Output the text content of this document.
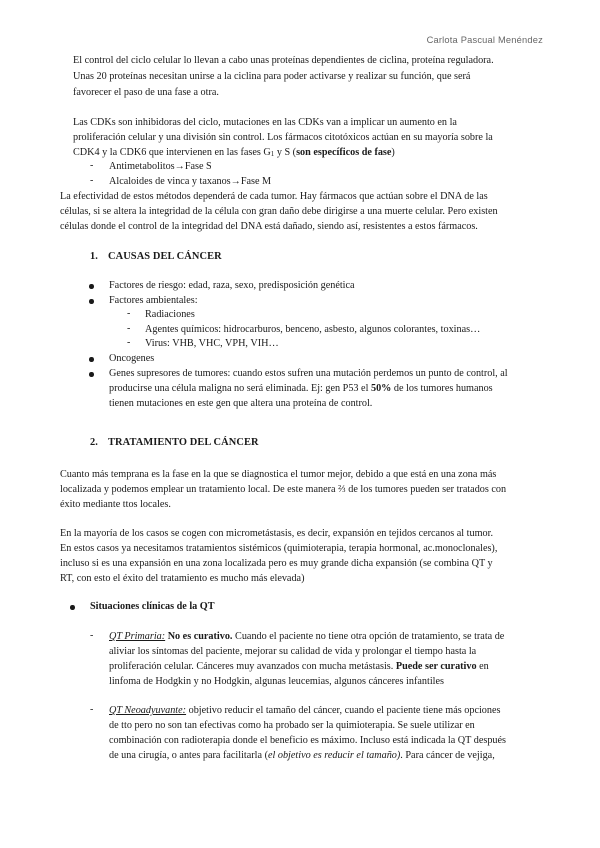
Carlota Pascual Menéndez
El control del ciclo celular lo llevan a cabo unas proteínas dependientes de ciclina, proteína reguladora.
Unas 20 proteínas necesitan unirse a la ciclina para poder activarse y realizar su función, que será
favorecer el paso de una fase a otra.
Las CDKs son inhibidoras del ciclo, mutaciones en las CDKs van a implicar un aumento en la
proliferación celular y una división sin control. Los fármacos citotóxicos actúan en su mayoría sobre la
CDK4 y la CDK6 que intervienen en las fases G1 y S (son específicos de fase)
- Antimetabolitos→Fase S
- Alcaloides de vinca y taxanos→Fase M
La efectividad de estos métodos dependerá de cada tumor. Hay fármacos que actúan sobre el DNA de las
células, si se altera la integridad de la célula con gran daño debe dirigirse a una muerte celular. Pero existen
células donde el control de la integridad del DNA está dañado, siendo así, resistentes a estos fármacos.
1. CAUSAS DEL CÁNCER
Factores de riesgo: edad, raza, sexo, predisposición genética
Factores ambientales:
- Radiaciones
- Agentes químicos: hidrocarburos, benceno, asbesto, algunos colorantes, toxinas…
- Virus: VHB, VHC, VPH, VIH…
Oncogenes
Genes supresores de tumores: cuando estos sufren una mutación perdemos un punto de control, al
producirse una célula maligna no será eliminada. Ej: gen P53 el 50% de los tumores humanos
tienen mutaciones en este gen que altera una proteína de control.
2. TRATAMIENTO DEL CÁNCER
Cuanto más temprana es la fase en la que se diagnostica el tumor mejor, debido a que está en una zona más
localizada y podemos emplear un tratamiento local. De este manera ⅔ de los tumores pueden ser tratados con
éxito mediante ttos locales.
En la mayoría de los casos se cogen con micrometástasis, es decir, expansión en tejidos cercanos al tumor.
En estos casos ya necesitamos tratamientos sistémicos (quimioterapia, terapia hormonal, ac.monoclonales),
incluso si es una expansión en una zona localizada pero es muy grande dicha expansión (se combina QT y
RT, con esto el éxito del tratamiento es mucho más elevada)
Situaciones clínicas de la QT
- QT Primaria: No es curativo. Cuando el paciente no tiene otra opción de tratamiento, se trata de
aliviar los síntomas del paciente, mejorar su calidad de vida y prolongar el tiempo hasta la
proliferación celular. Cánceres muy avanzados con mucha metástasis. Puede ser curativo en
linfoma de Hodgkin y no Hodgkin, algunas leucemias, algunos cánceres infantiles
- QT Neoadyuvante: objetivo reducir el tamaño del cáncer, cuando el paciente tiene más opciones
de tto pero no son tan efectivas como ha probado ser la quimioterapia. Se suele utilizar en
combinación con radioterapia donde el beneficio es máximo. Incluso está indicada la QT después
de una cirugía, o antes para facilitarla (el objetivo es reducir el tamaño). Para cáncer de vejiga,
